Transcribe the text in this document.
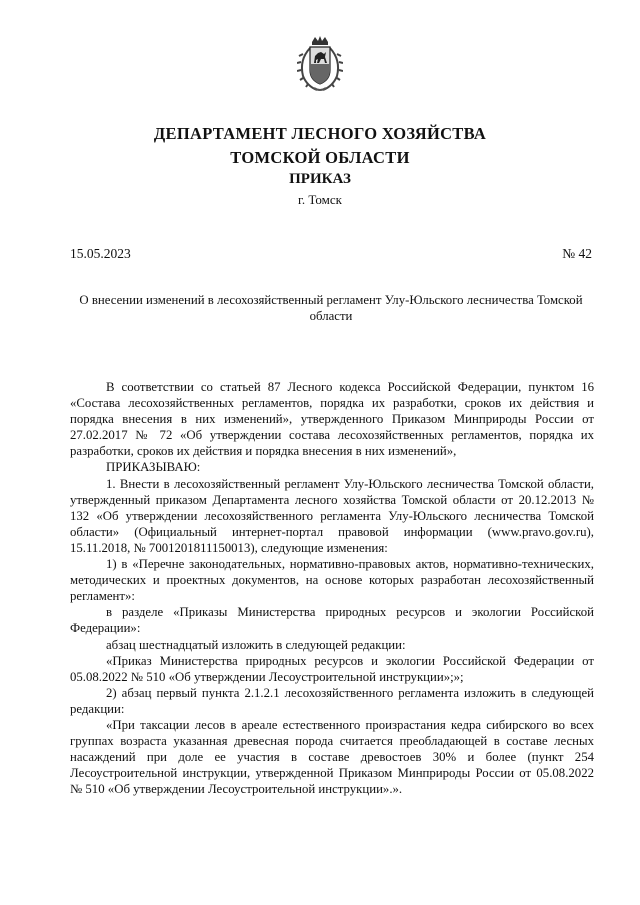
ДЕПАРТАМЕНТ ЛЕСНОГО ХОЗЯЙСТВА
ТОМСКОЙ ОБЛАСТИ
ПРИКАЗ
г. Томск
15.05.2023	№ 42
О внесении изменений в лесохозяйственный регламент Улу-Юльского лесничества Томской области

В соответствии со статьей 87 Лесного кодекса Российской Федерации, пунктом 16 «Состава лесохозяйственных регламентов, порядка их разработки, сроков их действия и порядка внесения в них изменений», утвержденного Приказом Минприроды России от 27.02.2017 № 72 «Об утверждении состава лесохозяйственных регламентов, порядка их разработки, сроков их действия и порядка внесения в них изменений»,

ПРИКАЗЫВАЮ:

1. Внести в лесохозяйственный регламент Улу-Юльского лесничества Томской области, утвержденный приказом Департамента лесного хозяйства Томской области от 20.12.2013 № 132 «Об утверждении лесохозяйственного регламента Улу-Юльского лесничества Томской области» (Официальный интернет-портал правовой информации (www.pravo.gov.ru), 15.11.2018, № 7001201811150013), следующие изменения:

1) в «Перечне законодательных, нормативно-правовых актов, нормативно-технических, методических и проектных документов, на основе которых разработан лесохозяйственный регламент»:

в разделе «Приказы Министерства природных ресурсов и экологии Российской Федерации»:

абзац шестнадцатый изложить в следующей редакции:

«Приказ Министерства природных ресурсов и экологии Российской Федерации от 05.08.2022 № 510 «Об утверждении Лесоустроительной инструкции»;»;

2) абзац первый пункта 2.1.2.1 лесохозяйственного регламента изложить в следующей редакции:

«При таксации лесов в ареале естественного произрастания кедра сибирского во всех группах возраста указанная древесная порода считается преобладающей в составе лесных насаждений при доле ее участия в составе древостоев 30% и более (пункт 254 Лесоустроительной инструкции, утвержденной Приказом Минприроды России от 05.08.2022 № 510 «Об утверждении Лесоустроительной инструкции».».
